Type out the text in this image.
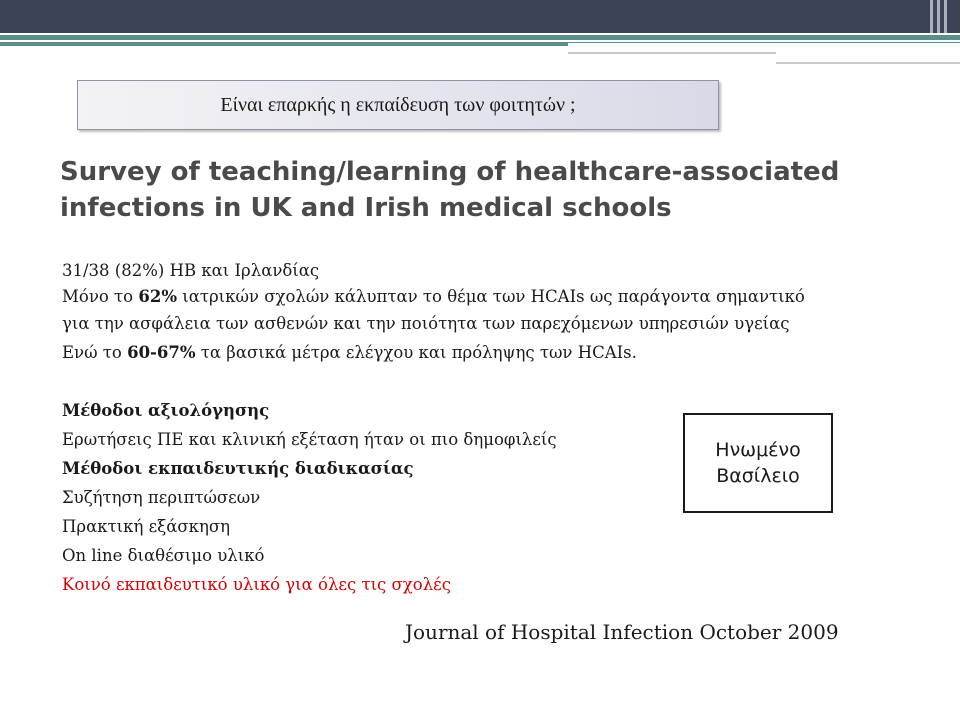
Είναι επαρκής η εκπαίδευση των φοιτητών ;
Survey of teaching/learning of healthcare-associated
infections in UK and Irish medical schools
31/38 (82%) ΗΒ και Ιρλανδίας
Μόνο το 62% ιατρικών σχολών κάλυπταν το θέμα των HCAIs ως παράγοντα σημαντικό
για την ασφάλεια των ασθενών και την ποιότητα των παρεχόμενων υπηρεσιών υγείας
Ενώ το 60-67% τα βασικά μέτρα ελέγχου και πρόληψης των HCAIs.
Μέθοδοι αξιολόγησης
Ερωτήσεις ΠΕ και κλινική εξέταση ήταν οι πιο δημοφιλείς
Μέθοδοι εκπαιδευτικής διαδικασίας
Συζήτηση περιπτώσεων
Πρακτική εξάσκηση
On line διαθέσιμο υλικό
Κοινό εκπαιδευτικό υλικό για όλες τις σχολές
Ηνωμένο
Βασίλειο
Journal of Hospital Infection October 2009
